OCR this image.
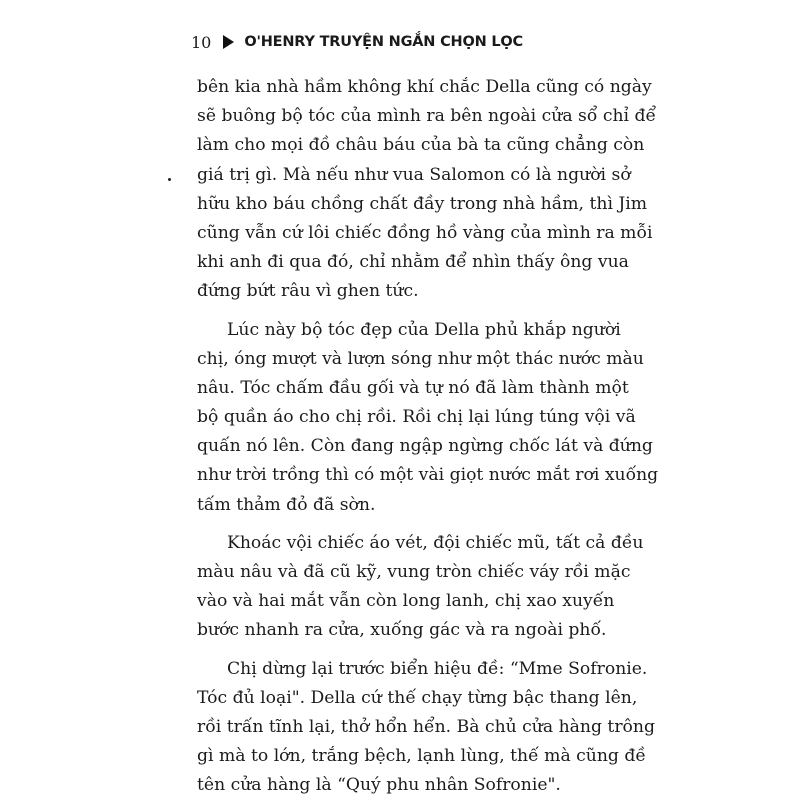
10 O'HENRY TRUYỆN NGẮN CHỌN LỌC
bên kia nhà hầm không khí chắc Della cũng có ngày
sẽ buông bộ tóc của mình ra bên ngoài cửa sổ chỉ để
làm cho mọi đồ châu báu của bà ta cũng chẳng còn
giá trị gì. Mà nếu như vua Salomon có là người sở
hữu kho báu chồng chất đầy trong nhà hầm, thì Jim
cũng vẫn cứ lôi chiếc đồng hồ vàng của mình ra mỗi
khi anh đi qua đó, chỉ nhằm để nhìn thấy ông vua
đứng bứt râu vì ghen tức.
Lúc này bộ tóc đẹp của Della phủ khắp người
chị, óng mượt và lượn sóng như một thác nước màu
nâu. Tóc chấm đầu gối và tự nó đã làm thành một
bộ quần áo cho chị rồi. Rồi chị lại lúng túng vội vã
quấn nó lên. Còn đang ngập ngừng chốc lát và đứng
như trời trồng thì có một vài giọt nước mắt rơi xuống
tấm thảm đỏ đã sờn.
Khoác vội chiếc áo vét, đội chiếc mũ, tất cả đều
màu nâu và đã cũ kỹ, vung tròn chiếc váy rồi mặc
vào và hai mắt vẫn còn long lanh, chị xao xuyến
bước nhanh ra cửa, xuống gác và ra ngoài phố.
Chị dừng lại trước biển hiệu đề: “Mme Sofronie.
Tóc đủ loại". Della cứ thế chạy từng bậc thang lên,
rồi trấn tĩnh lại, thở hổn hển. Bà chủ cửa hàng trông
gì mà to lớn, trắng bệch, lạnh lùng, thế mà cũng đề
tên cửa hàng là “Quý phu nhân Sofronie".
